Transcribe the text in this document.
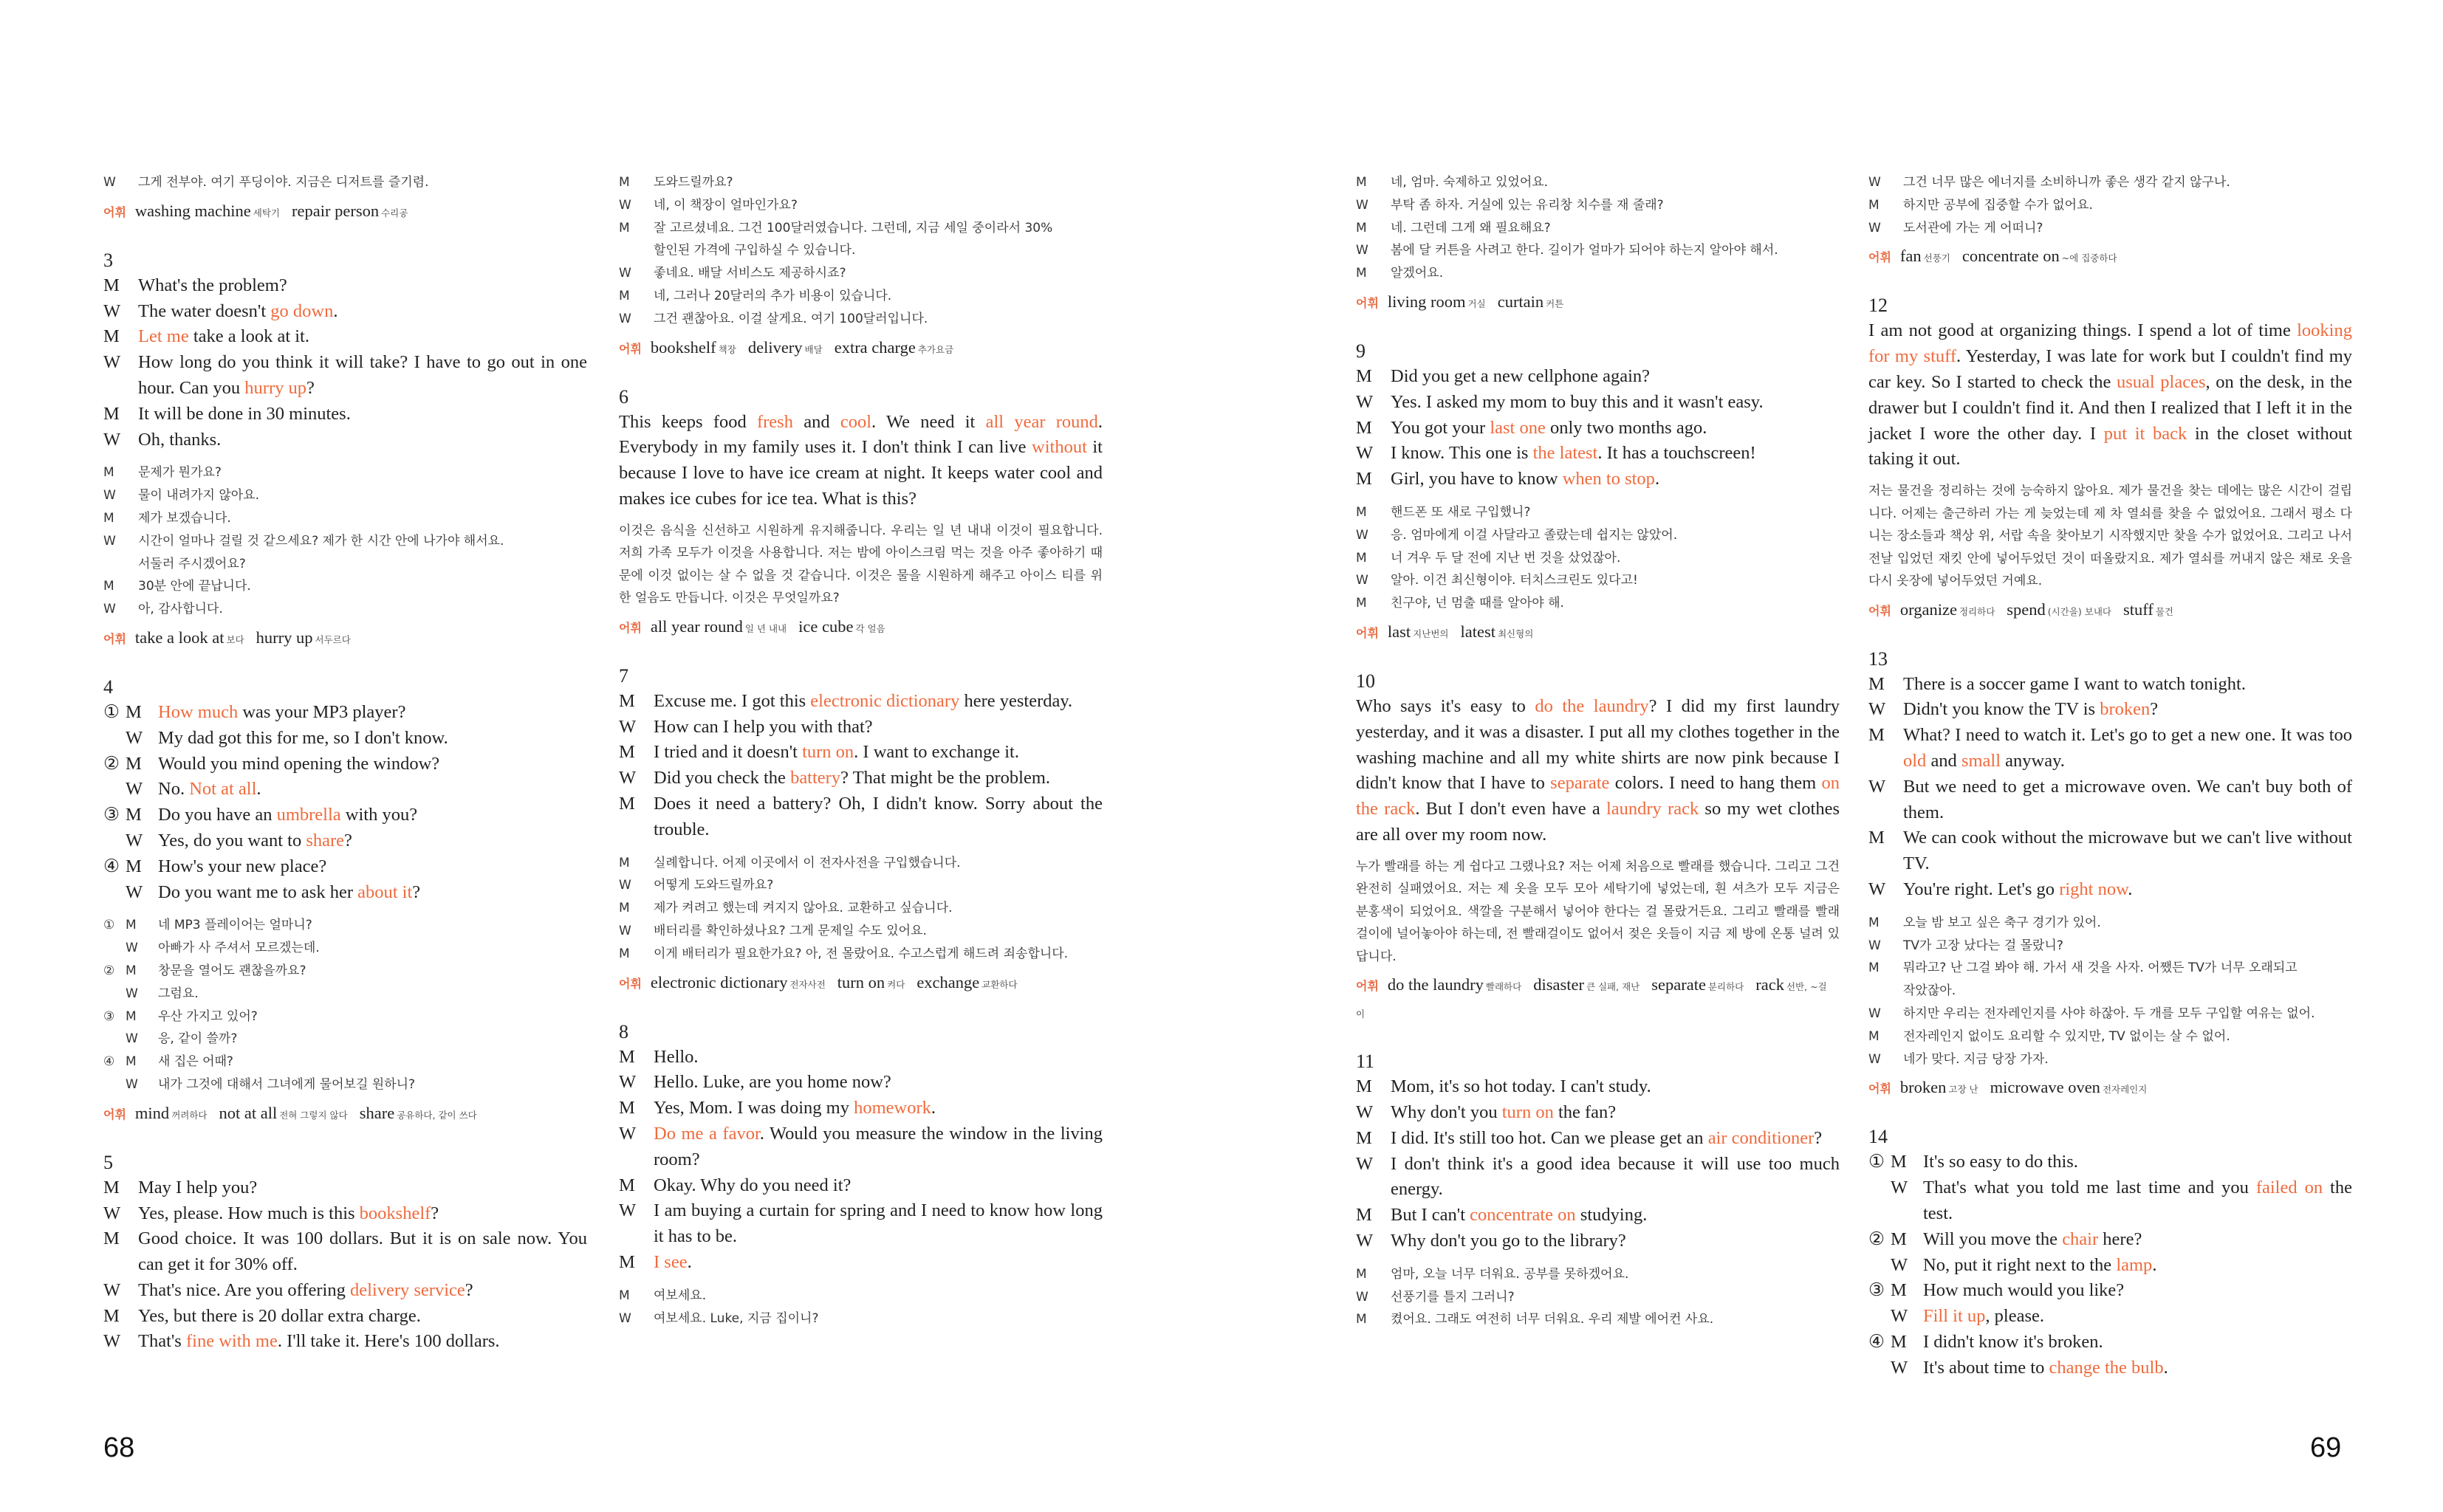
W	그게 전부야. 여기 푸딩이야. 지금은 디저트를 즐기렴.
어휘 washing machine 세탁기 repair person 수리공
3
M	What's the problem?
W The water doesn't go down.
M	Let me take a look at it.
W How long do you think it will take? I have to go out in one hour. Can you hurry up?
M	It will be done in 30 minutes.
W Oh, thanks.
M	문제가 뭔가요?
W	물이 내려가지 않아요.
M	제가 보겠습니다.
W	시간이 얼마나 걸릴 것 같으세요? 제가 한 시간 안에 나가야 해서요.
서둘러 주시겠어요?
M	30분 안에 끝납니다.
W	아, 감사합니다.
어휘 take a look at 보다 hurry up 서두르다
4
① M How much was your MP3 player?
W My dad got this for me, so I don't know.
② M Would you mind opening the window?
W No. Not at all.
③ M Do you have an umbrella with you?
W Yes, do you want to share?
④ M How's your new place?
W Do you want me to ask her about it?
① M	네 MP3 플레이어는 얼마니?
W	아빠가 사 주셔서 모르겠는데.
② M	창문을 열어도 괜찮을까요?
W	그럼요.
③ M	우산 가지고 있어?
W	응, 같이 쓸까?
④ M	새 집은 어때?
W	내가 그것에 대해서 그녀에게 물어보길 원하니?
어휘 mind 꺼려하다 not at all 전혀 그렇지 않다 share 공유하다, 같이 쓰다
5
M	May I help you?
W Yes, please. How much is this bookshelf?
M	Good choice. It was 100 dollars. But it is on sale now. You can get it for 30% off.
W That's nice. Are you offering delivery service?
M	Yes, but there is 20 dollar extra charge.
W That's fine with me. I'll take it. Here's 100 dollars.
M	도와드릴까요?
W	네, 이 책장이 얼마인가요?
M	잘 고르셨네요. 그건 100달러였습니다. 그런데, 지금 세일 중이라서 30%
할인된 가격에 구입하실 수 있습니다.
W	좋네요. 배달 서비스도 제공하시죠?
M	네, 그러나 20달러의 추가 비용이 있습니다.
W	그건 괜찮아요. 이걸 살게요. 여기 100달러입니다.
어휘 bookshelf 책장 delivery 배달 extra charge 추가요금
6
This keeps food fresh and cool. We need it all year round. Everybody in my family uses it. I don't think I can live without it because I love to have ice cream at night. It keeps water cool and makes ice cubes for ice tea. What is this?
이것은 음식을 신선하고 시원하게 유지해줍니다. 우리는 일 년 내내 이것이 필요합니다. 저희 가족 모두가 이것을 사용합니다. 저는 밤에 아이스크림 먹는 것을 아주 좋아하기 때문에 이것 없이는 살 수 없을 것 같습니다. 이것은 물을 시원하게 해주고 아이스 티를 위한 얼음도 만듭니다. 이것은 무엇일까요?
어휘 all year round 일 년 내내 ice cube 각 얼음
7
M	Excuse me. I got this electronic dictionary here yesterday.
W How can I help you with that?
M	I tried and it doesn't turn on. I want to exchange it.
W Did you check the battery? That might be the problem.
M	Does it need a battery? Oh, I didn't know. Sorry about the trouble.
M	실례합니다. 어제 이곳에서 이 전자사전을 구입했습니다.
W	어떻게 도와드릴까요?
M	제가 켜려고 했는데 켜지지 않아요. 교환하고 싶습니다.
W	배터리를 확인하셨나요? 그게 문제일 수도 있어요.
M	이게 배터리가 필요한가요? 아, 전 몰랐어요. 수고스럽게 해드려 죄송합니다.
어휘 electronic dictionary 전자사전 turn on 켜다 exchange 교환하다
8
M	Hello.
W Hello. Luke, are you home now?
M	Yes, Mom. I was doing my homework.
W Do me a favor. Would you measure the window in the living room?
M	Okay. Why do you need it?
W I am buying a curtain for spring and I need to know how long it has to be.
M	I see.
M	여보세요.
W	여보세요. Luke, 지금 집이니?
M	네, 엄마. 숙제하고 있었어요.
W	부탁 좀 하자. 거실에 있는 유리창 치수를 재 줄래?
M	네. 그런데 그게 왜 필요해요?
W	봄에 달 커튼을 사려고 한다. 길이가 얼마가 되어야 하는지 알아야 해서.
M	알겠어요.
어휘 living room 거실 curtain 커튼
9
M	Did you get a new cellphone again?
W Yes. I asked my mom to buy this and it wasn't easy.
M	You got your last one only two months ago.
W I know. This one is the latest. It has a touchscreen!
M	Girl, you have to know when to stop.
M	핸드폰 또 새로 구입했니?
W	응. 엄마에게 이걸 사달라고 졸랐는데 쉽지는 않았어.
M	너 겨우 두 달 전에 지난 번 것을 샀었잖아.
W	알아. 이건 최신형이야. 터치스크린도 있다고!
M	친구야, 넌 멈출 때를 알아야 해.
어휘 last 지난번의 latest 최신형의
10
Who says it's easy to do the laundry? I did my first laundry yesterday, and it was a disaster. I put all my clothes together in the washing machine and all my white shirts are now pink because I didn't know that I have to separate colors. I need to hang them on the rack. But I don't even have a laundry rack so my wet clothes are all over my room now.
누가 빨래를 하는 게 쉽다고 그랬나요? 저는 어제 처음으로 빨래를 했습니다. 그리고 그건 완전히 실패였어요. 저는 제 옷을 모두 모아 세탁기에 넣었는데, 흰 셔츠가 모두 지금은 분홍색이 되었어요. 색깔을 구분해서 넣어야 한다는 걸 몰랐거든요. 그리고 빨래를 빨래걸이에 널어놓아야 하는데, 전 빨래걸이도 없어서 젖은 옷들이 지금 제 방에 온통 널려 있답니다.
어휘 do the laundry 빨래하다 disaster 큰 실패, 재난 separate 분리하다 rack 선반, ~걸이
11
M	Mom, it's so hot today. I can't study.
W Why don't you turn on the fan?
M	I did. It's still too hot. Can we please get an air conditioner?
W I don't think it's a good idea because it will use too much energy.
M	But I can't concentrate on studying.
W Why don't you go to the library?
M	엄마, 오늘 너무 더워요. 공부를 못하겠어요.
W	선풍기를 틀지 그러니?
M	켰어요. 그래도 여전히 너무 더워요. 우리 제발 에어컨 사요.
W	그건 너무 많은 에너지를 소비하니까 좋은 생각 같지 않구나.
M	하지만 공부에 집중할 수가 없어요.
W	도서관에 가는 게 어떠니?
어휘 fan 선풍기 concentrate on ~에 집중하다
12
I am not good at organizing things. I spend a lot of time looking for my stuff. Yesterday, I was late for work but I couldn't find my car key. So I started to check the usual places, on the desk, in the drawer but I couldn't find it. And then I realized that I left it in the jacket I wore the other day. I put it back in the closet without taking it out.
저는 물건을 정리하는 것에 능숙하지 않아요. 제가 물건을 찾는 데에는 많은 시간이 걸립니다. 어제는 출근하러 가는 게 늦었는데 제 차 열쇠를 찾을 수 없었어요. 그래서 평소 다니는 장소들과 책상 위, 서랍 속을 찾아보기 시작했지만 찾을 수가 없었어요. 그리고 나서 전날 입었던 재킷 안에 넣어두었던 것이 떠올랐지요. 제가 열쇠를 꺼내지 않은 채로 옷을 다시 옷장에 넣어두었던 거예요.
어휘 organize 정리하다 spend (시간을) 보내다 stuff 물건
13
M	There is a soccer game I want to watch tonight.
W Didn't you know the TV is broken?
M	What? I need to watch it. Let's go to get a new one. It was too old and small anyway.
W But we need to get a microwave oven. We can't buy both of them.
M	We can cook without the microwave but we can't live without TV.
W You're right. Let's go right now.
M	오늘 밤 보고 싶은 축구 경기가 있어.
W	TV가 고장 났다는 걸 몰랐니?
M	뭐라고? 난 그걸 봐야 해. 가서 새 것을 사자. 어쨌든 TV가 너무 오래되고
작았잖아.
W	하지만 우리는 전자레인지를 사야 하잖아. 두 개를 모두 구입할 여유는 없어.
M	전자레인지 없이도 요리할 수 있지만, TV 없이는 살 수 없어.
W	네가 맞다. 지금 당장 가자.
어휘 broken 고장 난 microwave oven 전자레인지
14
① M It's so easy to do this.
W That's what you told me last time and you failed on the test.
② M Will you move the chair here?
W No, put it right next to the lamp.
③ M How much would you like?
W Fill it up, please.
④ M I didn't know it's broken.
W It's about time to change the bulb.
68	69
